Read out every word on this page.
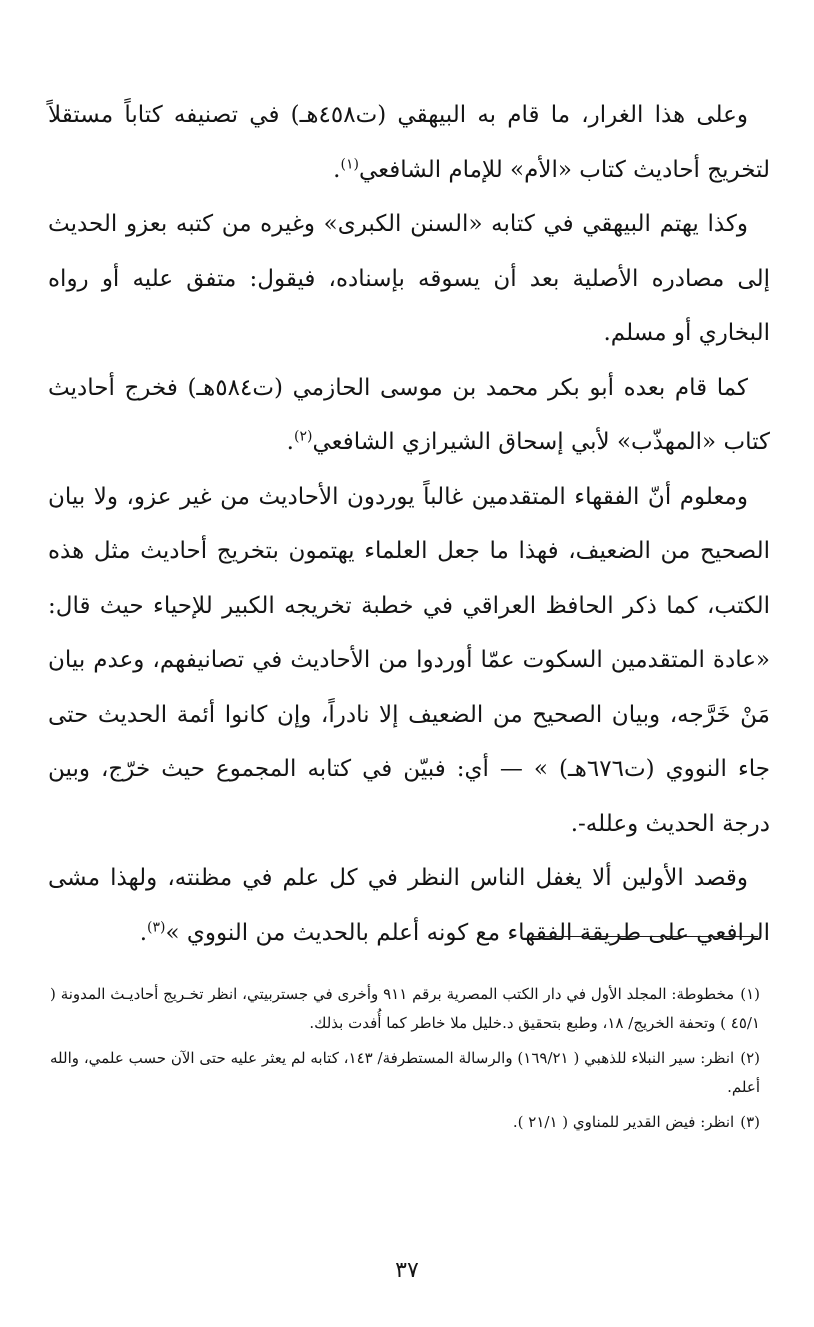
وعلى هذا الغرار، ما قام به البيهقي (ت٤٥٨هـ) في تصنيفه كتاباً مستقلاً لتخريج أحاديث كتاب «الأم» للإمام الشافعي$^{(١)}$.

وكذا يهتم البيهقي في كتابه «السنن الكبرى» وغيره من كتبه بعزو الحديث إلى مصادره الأصلية بعد أن يسوقه بإسناده، فيقول: متفق عليه أو رواه البخاري أو مسلم.

كما قام بعده أبو بكر محمد بن موسى الحازمي (ت٥٨٤هـ) فخرج أحاديث كتاب «المهذّب» لأبي إسحاق الشيرازي الشافعي$^{(٢)}$.

ومعلوم أنّ الفقهاء المتقدمين غالباً يوردون الأحاديث من غير عزو، ولا بيان الصحيح من الضعيف، فهذا ما جعل العلماء يهتمون بتخريج أحاديث مثل هذه الكتب، كما ذكر الحافظ العراقي في خطبة تخريجه الكبير للإحياء حيث قال: «عادة المتقدمين السكوت عمّا أوردوا من الأحاديث في تصانيفهم، وعدم بيان مَنْ خَرَّجه، وبيان الصحيح من الضعيف إلا نادراً، وإن كانوا أئمة الحديث حتى جاء النووي (ت٦٧٦هـ) » — أي: فبيّن في كتابه المجموع حيث خرّج، وبين درجة الحديث وعلله-.

وقصد الأولين ألا يغفل الناس النظر في كل علم في مظنته، ولهذا مشى الرافعي على طريقة الفقهاء مع كونه أعلم بالحديث من النووي »$^{(٣)}$.

(١)مخطوطة: المجلد الأول في دار الكتب المصرية برقم ٩١١ وأخرى في جستربيتي، انظر تخـريج أحاديـث المدونة ( ٤٥/١ ) وتحفة الخريج/ ١٨، وطبع بتحقيق د.خليل ملا خاطر كما أُفدت بذلك.

(٢)انظر: سير النبلاء للذهبي ( ١٦٩/٢١) والرسالة المستطرفة/ ١٤٣، كتابه لم يعثر عليه حتى الآن حسب علمي، والله أعلم.

(٣)انظر: فيض القدير للمناوي ( ٢١/١ ).

٣٧
